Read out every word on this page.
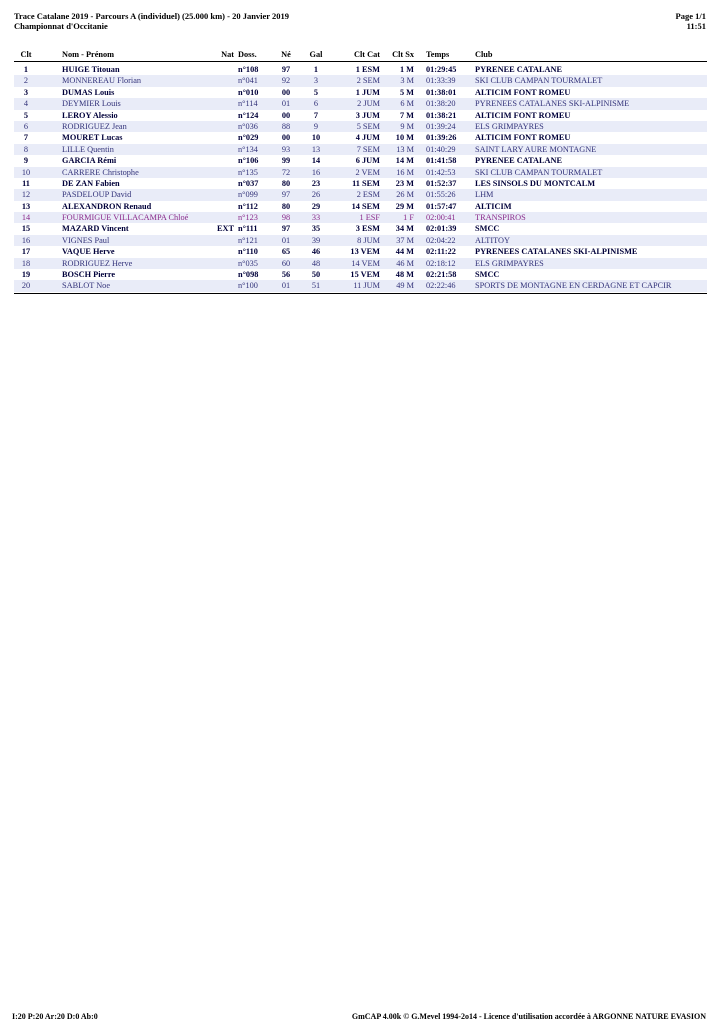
Trace Catalane 2019 - Parcours A (individuel) (25.000 km) - 20 Janvier 2019
Championnat d'Occitanie
Page 1/1
11:51
Clt	Nom - Prénom	Nat Doss.	Né	Gal	Clt Cat	Clt Sx Temps	Club
1	HUIGE Titouan	n°108	97	1	1 ESM	1 M 01:29:45	PYRENEE CATALANE
2	MONNEREAU Florian	n°041	92	3	2 SEM	3 M 01:33:39	SKI CLUB CAMPAN TOURMALET
3	DUMAS Louis	n°010	00	5	1 JUM	5 M 01:38:01	ALTICIM FONT ROMEU
4	DEYMIER Louis	n°114	01	6	2 JUM	6 M 01:38:20	PYRENEES CATALANES SKI-ALPINISME
5	LEROY Alessio	n°124	00	7	3 JUM	7 M 01:38:21	ALTICIM FONT ROMEU
6	RODRIGUEZ Jean	n°036	88	9	5 SEM	9 M 01:39:24	ELS GRIMPAYRES
7	MOURET Lucas	n°029	00	10	4 JUM	10 M 01:39:26	ALTICIM FONT ROMEU
8	LILLE Quentin	n°134	93	13	7 SEM	13 M 01:40:29	SAINT LARY AURE MONTAGNE
9	GARCIA Rémi	n°106	99	14	6 JUM	14 M 01:41:58	PYRENEE CATALANE
10	CARRERE Christophe	n°135	72	16	2 VEM	16 M 01:42:53	SKI CLUB CAMPAN TOURMALET
11	DE ZAN Fabien	n°037	80	23	11 SEM	23 M 01:52:37	LES SINSOLS DU MONTCALM
12	PASDELOUP David	n°099	97	26	2 ESM	26 M 01:55:26	LHM
13	ALEXANDRON Renaud	n°112	80	29	14 SEM	29 M 01:57:47	ALTICIM
14	FOURMIGUE VILLACAMPA Chloé	n°123	98	33	1 ESF	1 F 02:00:41	TRANSPIROS
15	MAZARD Vincent	EXT n°111	97	35	3 ESM	34 M 02:01:39	SMCC
16	VIGNES Paul	n°121	01	39	8 JUM	37 M 02:04:22	ALTITOY
17	VAQUE Herve	n°110	65	46	13 VEM	44 M 02:11:22	PYRENEES CATALANES SKI-ALPINISME
18	RODRIGUEZ Herve	n°035	60	48	14 VEM	46 M 02:18:12	ELS GRIMPAYRES
19	BOSCH Pierre	n°098	56	50	15 VEM	48 M 02:21:58	SMCC
20	SABLOT Noe	n°100	01	51	11 JUM	49 M 02:22:46	SPORTS DE MONTAGNE EN CERDAGNE ET CAPCIR
I:20 P:20 Ar:20 D:0 Ab:0	GmCAP 4.00k © G.Mevel 1994-2o14 - Licence d'utilisation accordée à ARGONNE NATURE EVASION
